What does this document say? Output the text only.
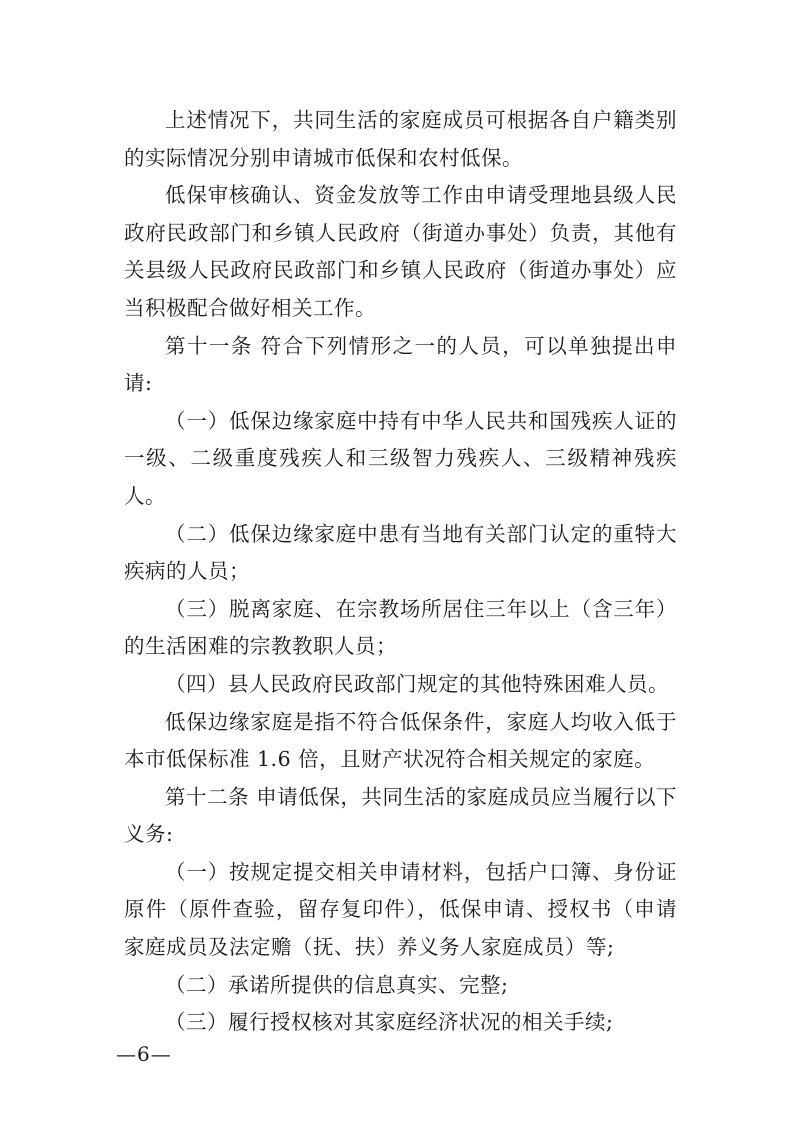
上述情况下，共同生活的家庭成员可根据各自户籍类别的实际情况分别申请城市低保和农村低保。

低保审核确认、资金发放等工作由申请受理地县级人民政府民政部门和乡镇人民政府（街道办事处）负责，其他有关县级人民政府民政部门和乡镇人民政府（街道办事处）应当积极配合做好相关工作。

第十一条 符合下列情形之一的人员，可以单独提出申请:

（一）低保边缘家庭中持有中华人民共和国残疾人证的一级、二级重度残疾人和三级智力残疾人、三级精神残疾人。

（二）低保边缘家庭中患有当地有关部门认定的重特大疾病的人员；

（三）脱离家庭、在宗教场所居住三年以上（含三年）的生活困难的宗教教职人员；

（四）县人民政府民政部门规定的其他特殊困难人员。

低保边缘家庭是指不符合低保条件，家庭人均收入低于本市低保标准 1.6 倍，且财产状况符合相关规定的家庭。

第十二条 申请低保，共同生活的家庭成员应当履行以下义务:

（一）按规定提交相关申请材料，包括户口簿、身份证原件（原件查验，留存复印件），低保申请、授权书（申请家庭成员及法定赡（抚、扶）养义务人家庭成员）等;

（二）承诺所提供的信息真实、完整;

（三）履行授权核对其家庭经济状况的相关手续;

—6—
